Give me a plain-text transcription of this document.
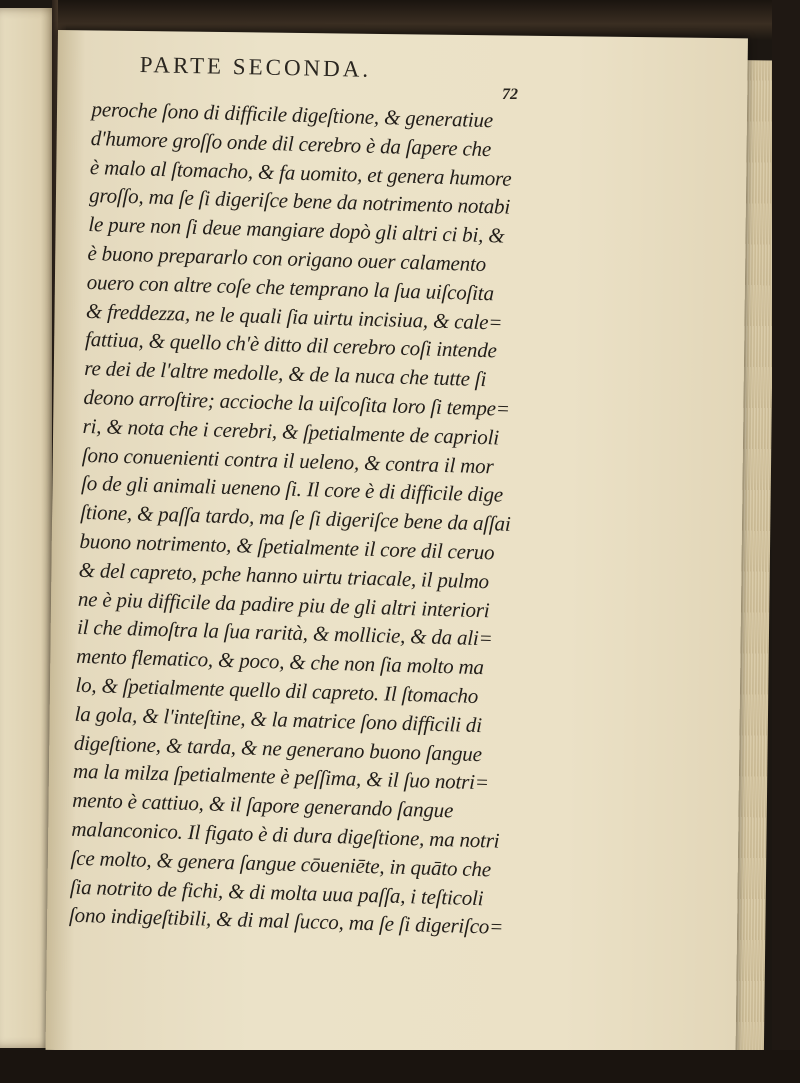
PARTE SECONDA.
72
peroche ſono di difficile digeſtione, & generatiue
d'humore groſſo onde dil cerebro è da ſapere che
è malo al ſtomacho, & fa uomito, et genera humore
groſſo, ma ſe ſi digeriſce bene da notrimento notabi
le pure non ſi deue mangiare dopò gli altri ci bi, &
è buono prepararlo con origano ouer calamento
ouero con altre coſe che temprano la ſua uiſcoſita
& freddezza, ne le quali ſia uirtu incisiua, & cale=
fattiua, & quello ch'è ditto dil cerebro coſi intende
re dei de l'altre medolle, & de la nuca che tutte ſi
deono arroſtire; accioche la uiſcoſita loro ſi tempe=
ri, & nota che i cerebri, & ſpetialmente de caprioli
ſono conuenienti contra il ueleno, & contra il mor
ſo de gli animali ueneno ſi. Il core è di difficile dige
ſtione, & paſſa tardo, ma ſe ſi digeriſce bene da aſſai
buono notrimento, & ſpetialmente il core dil ceruo
& del capreto, pche hanno uirtu triacale, il pulmo
ne è piu difficile da padire piu de gli altri interiori
il che dimoſtra la ſua rarità, & mollicie, & da ali=
mento flematico, & poco, & che non ſia molto ma
lo, & ſpetialmente quello dil capreto. Il ſtomacho
la gola, & l'inteſtine, & la matrice ſono difficili di
digeſtione, & tarda, & ne generano buono ſangue
ma la milza ſpetialmente è peſſima, & il ſuo notri=
mento è cattiuo, & il ſapore generando ſangue
malanconico. Il figato è di dura digeſtione, ma notri
ſce molto, & genera ſangue cōueniēte, in quāto che
ſia notrito de fichi, & di molta uua paſſa, i teſticoli
ſono indigeſtibili, & di mal ſucco, ma ſe ſi digeriſco=
